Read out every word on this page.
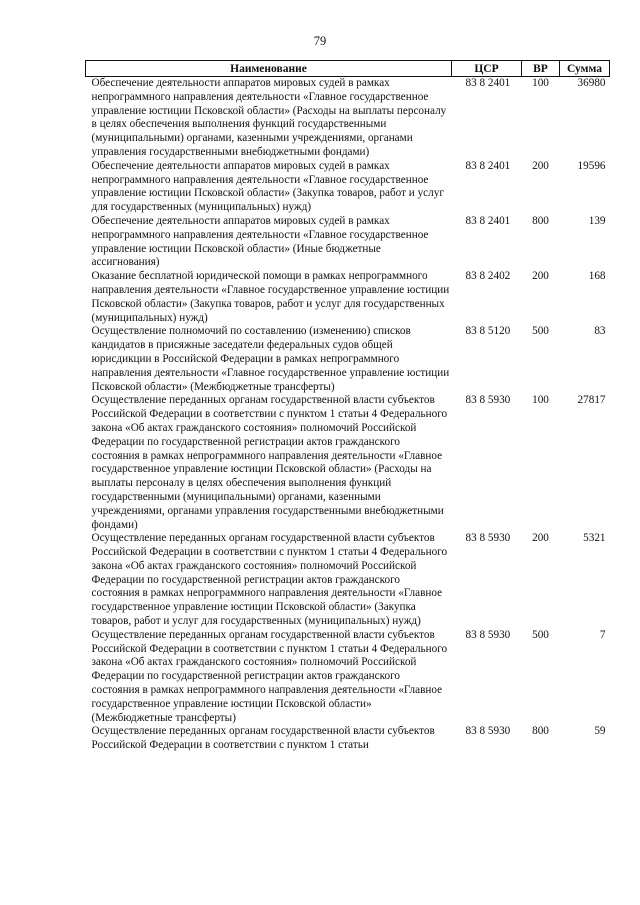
79
Наименование	ЦСР	ВР	Сумма
Обеспечение деятельности аппаратов мировых судей в рамках непрограммного направления деятельности «Главное государственное управление юстиции Псковской области» (Расходы на выплаты персоналу в целях обеспечения выполнения функций государственными (муниципальными) органами, казенными учреждениями, органами управления государственными внебюджетными фондами)	83 8 2401	100	36980
Обеспечение деятельности аппаратов мировых судей в рамках непрограммного направления деятельности «Главное государственное управление юстиции Псковской области» (Закупка товаров, работ и услуг для государственных (муниципальных) нужд)	83 8 2401	200	19596
Обеспечение деятельности аппаратов мировых судей в рамках непрограммного направления деятельности «Главное государственное управление юстиции Псковской области» (Иные бюджетные ассигнования)	83 8 2401	800	139
Оказание бесплатной юридической помощи в рамках непрограммного направления деятельности «Главное государственное управление юстиции Псковской области» (Закупка товаров, работ и услуг для государственных (муниципальных) нужд)	83 8 2402	200	168
Осуществление полномочий по составлению (изменению) списков кандидатов в присяжные заседатели федеральных судов общей юрисдикции в Российской Федерации в рамках непрограммного направления деятельности «Главное государственное управление юстиции Псковской области» (Межбюджетные трансферты)	83 8 5120	500	83
Осуществление переданных органам государственной власти субъектов Российской Федерации в соответствии с пунктом 1 статьи 4 Федерального закона «Об актах гражданского состояния» полномочий Российской Федерации по государственной регистрации актов гражданского состояния в рамках непрограммного направления деятельности «Главное государственное управление юстиции Псковской области» (Расходы на выплаты персоналу в целях обеспечения выполнения функций государственными (муниципальными) органами, казенными учреждениями, органами управления государственными внебюджетными фондами)	83 8 5930	100	27817
Осуществление переданных органам государственной власти субъектов Российской Федерации в соответствии с пунктом 1 статьи 4 Федерального закона «Об актах гражданского состояния» полномочий Российской Федерации по государственной регистрации актов гражданского состояния в рамках непрограммного направления деятельности «Главное государственное управление юстиции Псковской области» (Закупка товаров, работ и услуг для государственных (муниципальных) нужд)	83 8 5930	200	5321
Осуществление переданных органам государственной власти субъектов Российской Федерации в соответствии с пунктом 1 статьи 4 Федерального закона «Об актах гражданского состояния» полномочий Российской Федерации по государственной регистрации актов гражданского состояния в рамках непрограммного направления деятельности «Главное государственное управление юстиции Псковской области» (Межбюджетные трансферты)	83 8 5930	500	7
Осуществление переданных органам государственной власти субъектов Российской Федерации в соответствии с пунктом 1 статьи	83 8 5930	800	59
